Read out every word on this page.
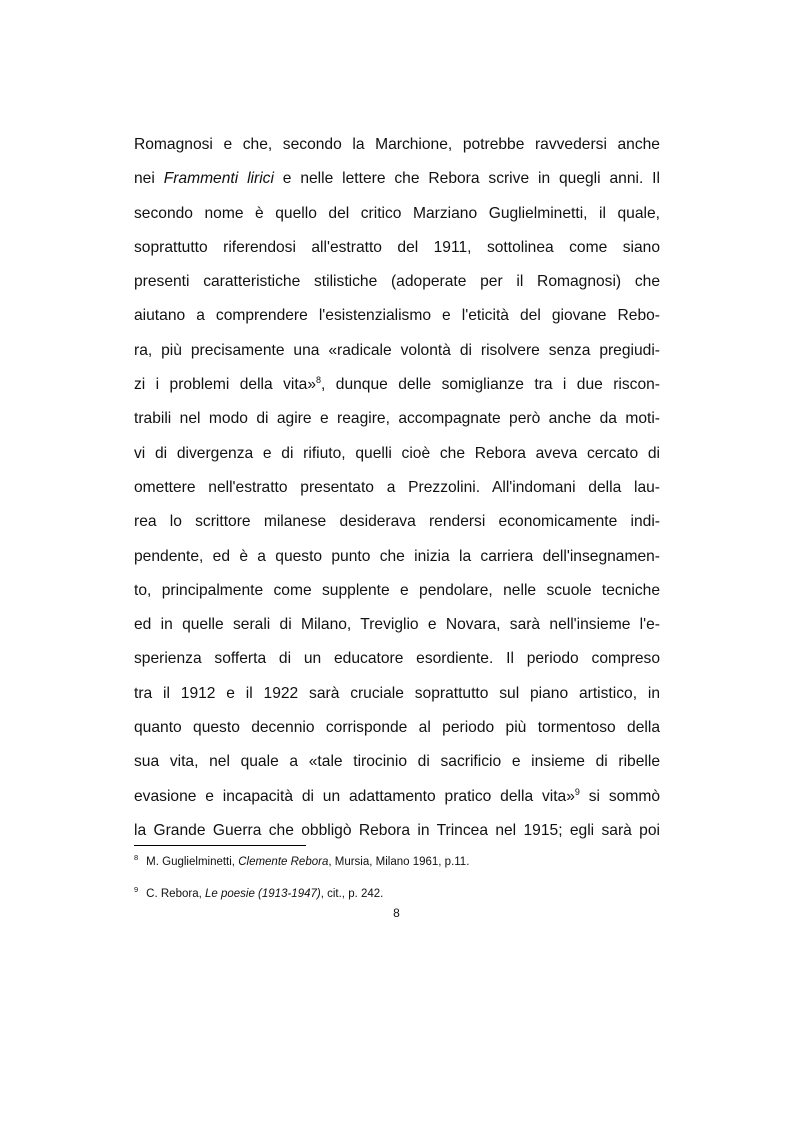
Romagnosi e che, secondo la Marchione, potrebbe ravvedersi anche
nei Frammenti lirici e nelle lettere che Rebora scrive in quegli anni. Il
secondo nome è quello del critico Marziano Guglielminetti, il quale,
soprattutto riferendosi all'estratto del 1911, sottolinea come siano
presenti caratteristiche stilistiche (adoperate per il Romagnosi) che
aiutano a comprendere l'esistenzialismo e l'eticità del giovane Rebo-
ra, più precisamente una «radicale volontà di risolvere senza pregiudi-
zi i problemi della vita»$^8$, dunque delle somiglianze tra i due riscon-
trabili nel modo di agire e reagire, accompagnate però anche da moti-
vi di divergenza e di rifiuto, quelli cioè che Rebora aveva cercato di
omettere nell'estratto presentato a Prezzolini. All'indomani della lau-
rea lo scrittore milanese desiderava rendersi economicamente indi-
pendente, ed è a questo punto che inizia la carriera dell'insegnamen-
to, principalmente come supplente e pendolare, nelle scuole tecniche
ed in quelle serali di Milano, Treviglio e Novara, sarà nell'insieme l'e-
sperienza sofferta di un educatore esordiente. Il periodo compreso
tra il 1912 e il 1922 sarà cruciale soprattutto sul piano artistico, in
quanto questo decennio corrisponde al periodo più tormentoso della
sua vita, nel quale a «tale tirocinio di sacrificio e insieme di ribelle
evasione e incapacità di un adattamento pratico della vita»$^9$ si sommò
la Grande Guerra che obbligò Rebora in Trincea nel 1915; egli sarà poi

$^8$ M. Guglielminetti, Clemente Rebora, Mursia, Milano 1961, p.11.

$^9$ C. Rebora, Le poesie (1913-1947), cit., p. 242.

8
